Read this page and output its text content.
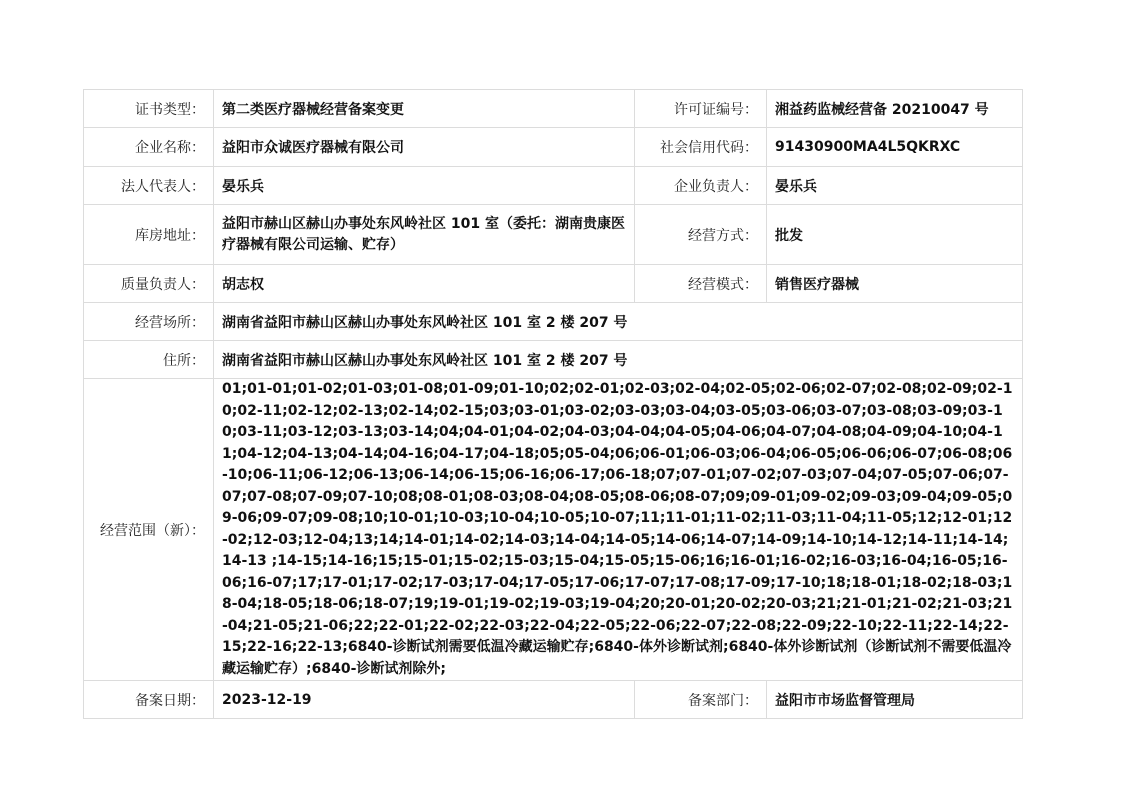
证书类型：	第二类医疗器械经营备案变更	许可证编号：	湘益药监械经营备 20210047 号
企业名称：	益阳市众诚医疗器械有限公司	社会信用代码：	91430900MA4L5QKRXC
法人代表人：	晏乐兵	企业负责人：	晏乐兵
库房地址：	益阳市赫山区赫山办事处东风岭社区 101 室（委托：湖南贵康医疗器械有限公司运输、贮存）	经营方式：	批发
质量负责人：	胡志权	经营模式：	销售医疗器械
经营场所：	湖南省益阳市赫山区赫山办事处东风岭社区 101 室 2 楼 207 号		
住所：	湖南省益阳市赫山区赫山办事处东风岭社区 101 室 2 楼 207 号		
经营范围（新）：	01;01-01;01-02;01-03;01-08;01-09;01-10;02;02-01;02-03;02-04;02-05;02-06;02-07;02-08;02-09;02-10;02-11;02-12;02-13;02-14;02-15;03;03-01;03-02;03-03;03-04;03-05;03-06;03-07;03-08;03-09;03-10;03-11;03-12;03-13;03-14;04;04-01;04-02;04-03;04-04;04-05;04-06;04-07;04-08;04-09;04-10;04-11;04-12;04-13;04-14;04-16;04-17;04-18;05;05-04;06;06-01;06-03;06-04;06-05;06-06;06-07;06-08;06-10;06-11;06-12;06-13;06-14;06-15;06-16;06-17;06-18;07;07-01;07-02;07-03;07-04;07-05;07-06;07-07;07-08;07-09;07-10;08;08-01;08-03;08-04;08-05;08-06;08-07;09;09-01;09-02;09-03;09-04;09-05;09-06;09-07;09-08;10;10-01;10-03;10-04;10-05;10-07;11;11-01;11-02;11-03;11-04;11-05;12;12-01;12-02;12-03;12-04;13;14;14-01;14-02;14-03;14-04;14-05;14-06;14-07;14-09;14-10;14-12;14-11;14-14;14-13 ;14-15;14-16;15;15-01;15-02;15-03;15-04;15-05;15-06;16;16-01;16-02;16-03;16-04;16-05;16-06;16-07;17;17-01;17-02;17-03;17-04;17-05;17-06;17-07;17-08;17-09;17-10;18;18-01;18-02;18-03;18-04;18-05;18-06;18-07;19;19-01;19-02;19-03;19-04;20;20-01;20-02;20-03;21;21-01;21-02;21-03;21-04;21-05;21-06;22;22-01;22-02;22-03;22-04;22-05;22-06;22-07;22-08;22-09;22-10;22-11;22-14;22-15;22-16;22-13;6840-诊断试剂需要低温冷藏运输贮存;6840-体外诊断试剂;6840-体外诊断试剂（诊断试剂不需要低温冷藏运输贮存）;6840-诊断试剂除外;		
备案日期：	2023-12-19	备案部门：	益阳市市场监督管理局
